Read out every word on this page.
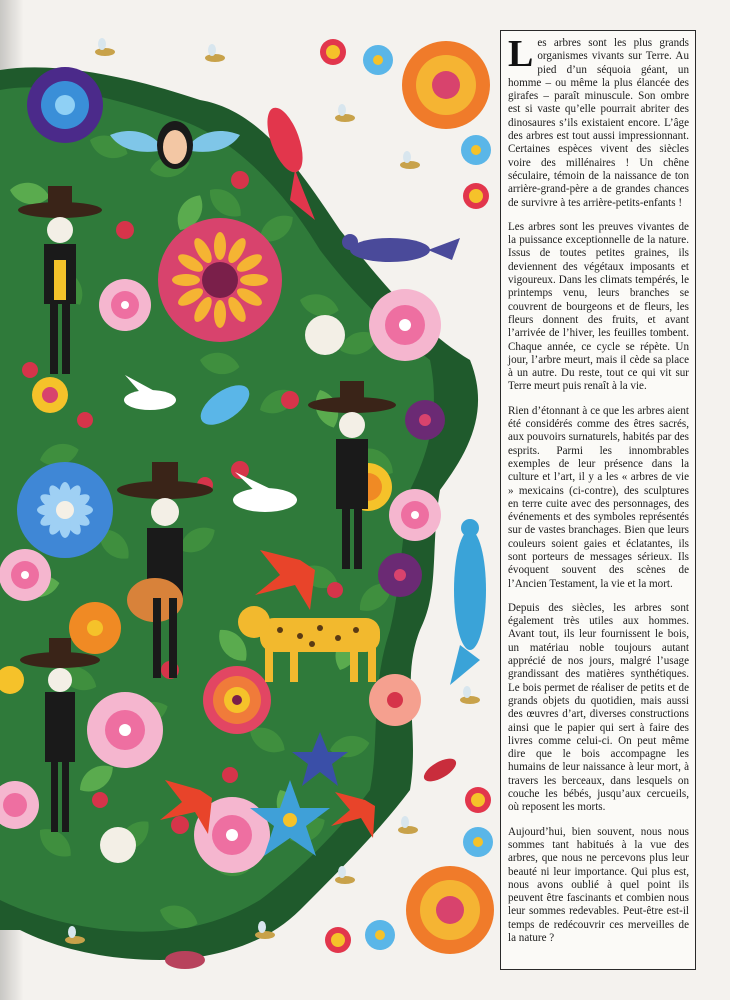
Les arbres sont les plus grands organismes vivants sur Terre. Au pied d’un séquoia géant, un homme – ou même la plus élancée des girafes – paraît minuscule. Son ombre est si vaste qu’elle pourrait abriter des dinosaures s’ils existaient encore. L’âge des arbres est tout aussi impressionnant. Certaines espèces vivent des siècles voire des millénaires ! Un chêne séculaire, témoin de la naissance de ton arrière-grand-père a de grandes chances de survivre à tes arrière-petits-enfants !

Les arbres sont les preuves vivantes de la puissance exceptionnelle de la nature. Issus de toutes petites graines, ils deviennent des végétaux imposants et vigoureux. Dans les climats tempérés, le printemps venu, leurs branches se couvrent de bourgeons et de fleurs, les fleurs donnent des fruits, et avant l’arrivée de l’hiver, les feuilles tombent. Chaque année, ce cycle se répète. Un jour, l’arbre meurt, mais il cède sa place à un autre. Du reste, tout ce qui vit sur Terre meurt puis renaît à la vie.

Rien d’étonnant à ce que les arbres aient été considérés comme des êtres sacrés, aux pouvoirs surnaturels, habités par des esprits. Parmi les innombrables exemples de leur présence dans la culture et l’art, il y a les « arbres de vie » mexicains (ci-contre), des sculptures en terre cuite avec des personnages, des événements et des symboles représentés sur de vastes branchages. Bien que leurs couleurs soient gaies et éclatantes, ils sont porteurs de messages sérieux. Ils évoquent souvent des scènes de l’Ancien Testament, la vie et la mort.

Depuis des siècles, les arbres sont également très utiles aux hommes. Avant tout, ils leur fournissent le bois, un matériau noble toujours autant apprécié de nos jours, malgré l’usage grandissant des matières synthétiques. Le bois permet de réaliser de petits et de grands objets du quotidien, mais aussi des œuvres d’art, diverses constructions ainsi que le papier qui sert à faire des livres comme celui-ci. On peut même dire que le bois accompagne les humains de leur naissance à leur mort, à travers les berceaux, dans lesquels on couche les bébés, jusqu’aux cercueils, où reposent les morts.

Aujourd’hui, bien souvent, nous nous sommes tant habitués à la vue des arbres, que nous ne percevons plus leur beauté ni leur importance. Qui plus est, nous avons oublié à quel point ils peuvent être fascinants et combien nous leur sommes redevables. Peut-être est-il temps de redécouvrir ces merveilles de la nature ?
